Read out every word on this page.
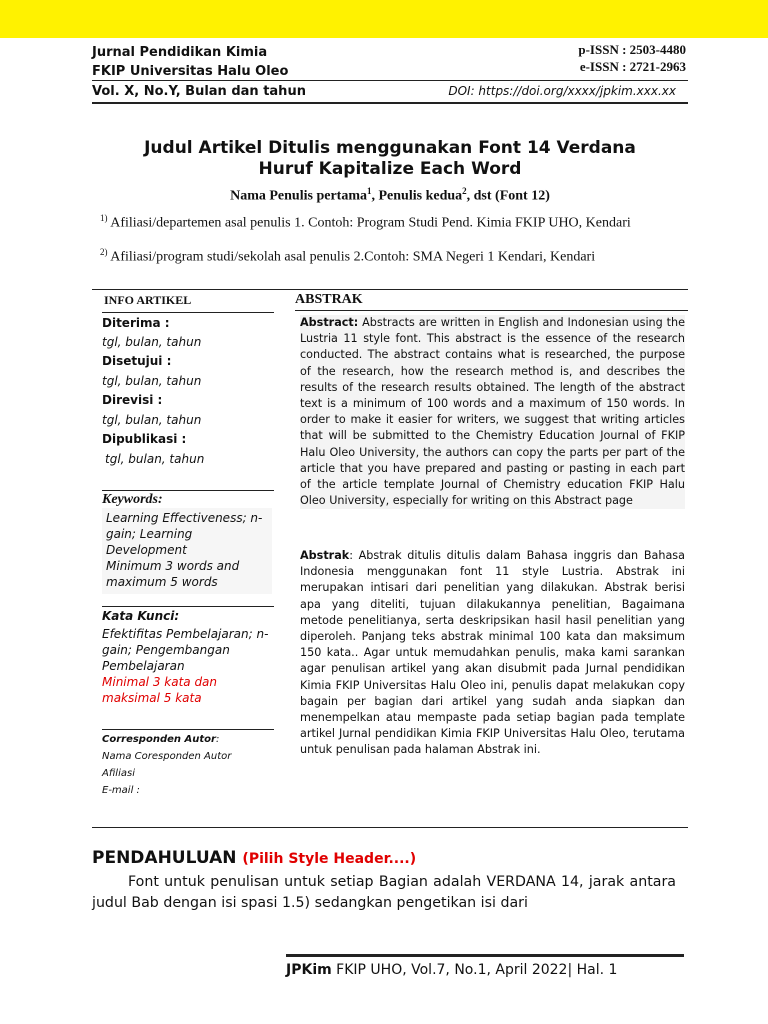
Jurnal Pendidikan Kimia
FKIP Universitas Halu Oleo
p-ISSN : 2503-4480
e-ISSN : 2721-2963
Vol. X, No.Y, Bulan dan tahun	DOI: https://doi.org/xxxx/jpkim.xxx.xx
Judul Artikel Ditulis menggunakan Font 14 Verdana
Huruf Kapitalize Each Word
Nama Penulis pertama$^1$, Penulis kedua$^2$, dst (Font 12)
$^{1)}$ Afiliasi/departemen asal penulis 1. Contoh: Program Studi Pend. Kimia FKIP UHO, Kendari
$^{2)}$ Afiliasi/program studi/sekolah asal penulis 2.Contoh: SMA Negeri 1 Kendari, Kendari
INFO ARTIKEL	ABSTRAK
Diterima :
tgl, bulan, tahun
Disetujui :
tgl, bulan, tahun
Direvisi :
tgl, bulan, tahun
Dipublikasi :
tgl, bulan, tahun
Keywords:
Learning Effectiveness; n-
gain; Learning
Development
Minimum 3 words and
maximum 5 words
Kata Kunci:
Efektifitas Pembelajaran; n-
gain; Pengembangan
Pembelajaran
Minimal 3 kata dan
maksimal 5 kata
Corresponden Autor:
Nama Coresponden Autor
Afiliasi
E-mail :
Abstract: Abstracts are written in English and Indonesian using the Lustria 11 style font. This abstract is the essence of the research conducted. The abstract contains what is researched, the purpose of the research, how the research method is, and describes the results of the research results obtained. The length of the abstract text is a minimum of 100 words and a maximum of 150 words. In order to make it easier for writers, we suggest that writing articles that will be submitted to the Chemistry Education Journal of FKIP Halu Oleo University, the authors can copy the parts per part of the article that you have prepared and pasting or pasting in each part of the article template Journal of Chemistry education FKIP Halu Oleo University, especially for writing on this Abstract page
Abstrak: Abstrak ditulis ditulis dalam Bahasa inggris dan Bahasa Indonesia menggunakan font 11 style Lustria. Abstrak ini merupakan intisari dari penelitian yang dilakukan. Abstrak berisi apa yang diteliti, tujuan dilakukannya penelitian, Bagaimana metode penelitianya, serta deskripsikan hasil hasil penelitian yang diperoleh. Panjang teks abstrak minimal 100 kata dan maksimum 150 kata.. Agar untuk memudahkan penulis, maka kami sarankan agar penulisan artikel yang akan disubmit pada Jurnal pendidikan Kimia FKIP Universitas Halu Oleo ini, penulis dapat melakukan copy bagain per bagian dari artikel yang sudah anda siapkan dan menempelkan atau mempaste pada setiap bagian pada template artikel Jurnal pendidikan Kimia FKIP Universitas Halu Oleo, terutama untuk penulisan pada halaman Abstrak ini.
PENDAHULUAN (Pilih Style Header....)
Font untuk penulisan untuk setiap Bagian adalah VERDANA 14, jarak antara judul Bab dengan isi spasi 1.5) sedangkan pengetikan isi dari
JPKim FKIP UHO, Vol.7, No.1, April 2022| Hal. 1
